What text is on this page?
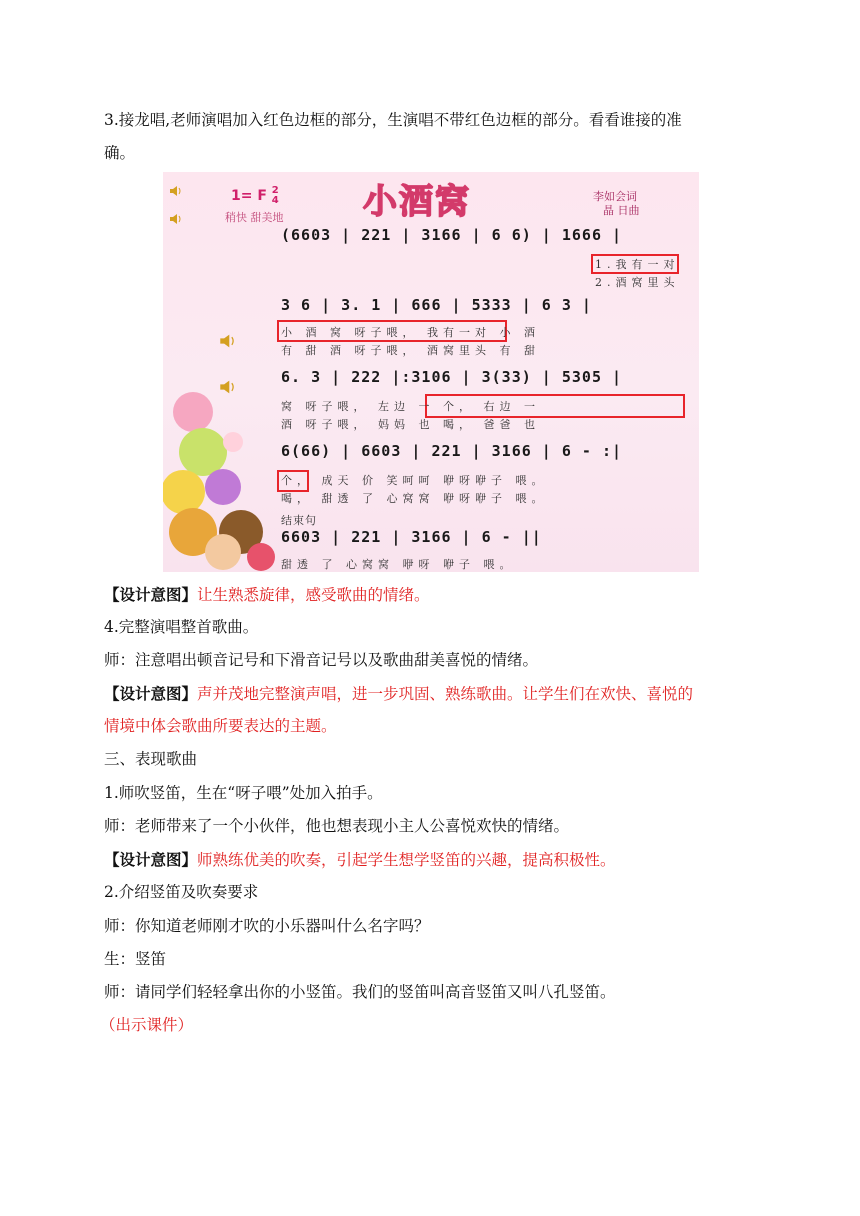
3.接龙唱,老师演唱加入红色边框的部分，生演唱不带红色边框的部分。看看谁接的准
确。
1= F 2
4
稍快 甜美地 小酒窝	李如会词
晶 日曲
(6603 | 221 | 3166 | 6 6) | 1666 |
1.我有一对
2.酒窝里头
3 6 | 3. 1 | 666 | 5333 | 6 3 |
小 酒 窝 呀子喂， 我有一对 小 酒
有 甜 酒 呀子喂， 酒窝里头 有 甜
6. 3 | 222 |:3106 | 3(33) | 5305 |
窝 呀子喂， 左边 一 个， 右边 一
酒 呀子喂， 妈妈 也 喝， 爸爸 也
6(66) | 6603 | 221 | 3166 | 6 - :|
个， 成天 价 笑呵呵 咿呀咿子 喂。
喝， 甜透 了 心窝窝 咿呀咿子 喂。
结束句
6603 | 221 | 3166 | 6 - ||
甜透 了 心窝窝 咿呀 咿子 喂。
【设计意图】让生熟悉旋律，感受歌曲的情绪。
4.完整演唱整首歌曲。
师：注意唱出顿音记号和下滑音记号以及歌曲甜美喜悦的情绪。
【设计意图】声并茂地完整演声唱，进一步巩固、熟练歌曲。让学生们在欢快、喜悦的
情境中体会歌曲所要表达的主题。
三、表现歌曲
1.师吹竖笛，生在“呀子喂”处加入拍手。
师：老师带来了一个小伙伴，他也想表现小主人公喜悦欢快的情绪。
【设计意图】师熟练优美的吹奏，引起学生想学竖笛的兴趣，提高积极性。
2.介绍竖笛及吹奏要求
师：你知道老师刚才吹的小乐器叫什么名字吗？
生：竖笛
师：请同学们轻轻拿出你的小竖笛。我们的竖笛叫高音竖笛又叫八孔竖笛。
（出示课件）
